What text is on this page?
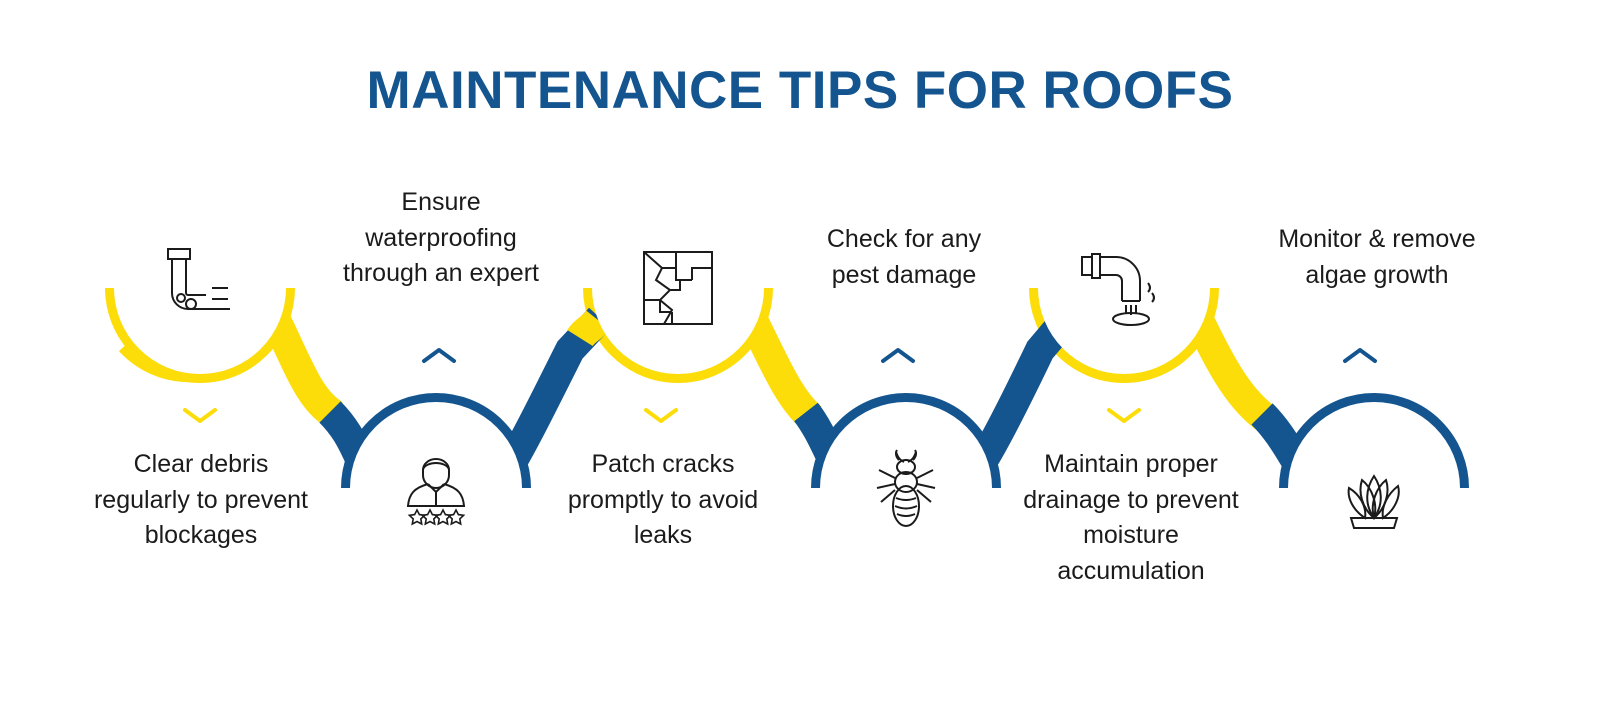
MAINTENANCE TIPS FOR ROOFS
Clear debris regularly to prevent blockages
Ensure waterproofing through an expert
Patch cracks promptly to avoid leaks
Check for any pest damage
Maintain proper drainage to prevent moisture accumulation
Monitor & remove algae growth
